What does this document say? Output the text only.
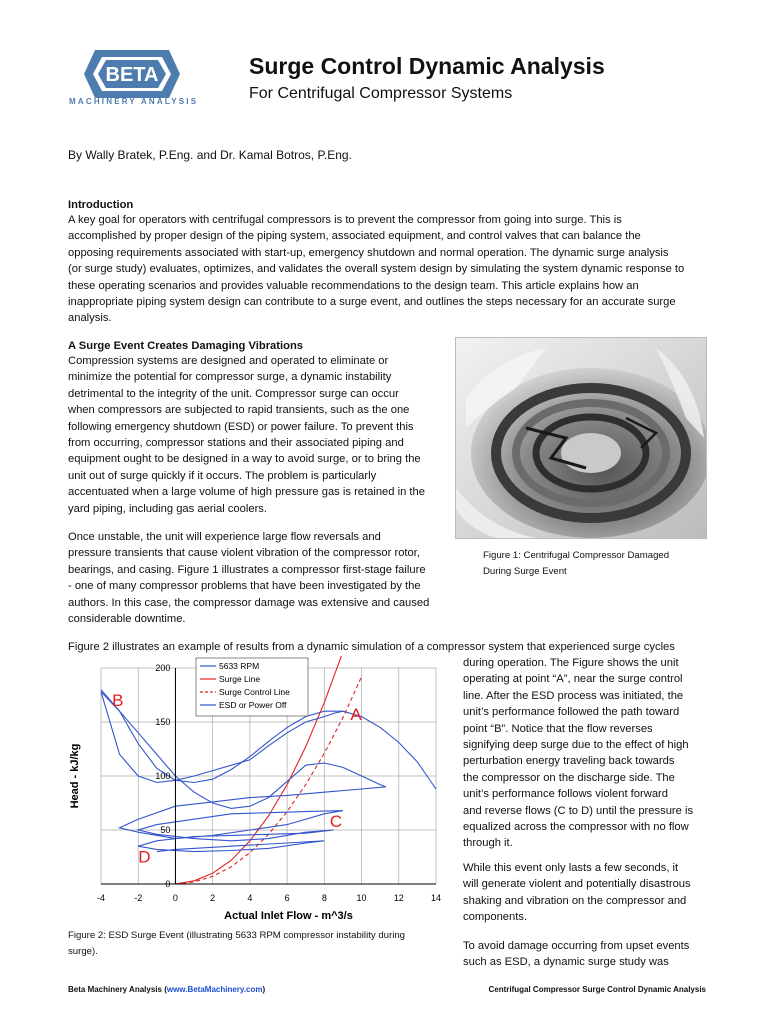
BETA
MACHINERY ANALYSIS
Surge Control Dynamic Analysis
For Centrifugal Compressor Systems
By Wally Bratek, P.Eng. and Dr. Kamal Botros, P.Eng.
Introduction
A key goal for operators with centrifugal compressors is to prevent the compressor from going into surge. This is
accomplished by proper design of the piping system, associated equipment, and control valves that can balance the
opposing requirements associated with start-up, emergency shutdown and normal operation. The dynamic surge analysis
(or surge study) evaluates, optimizes, and validates the overall system design by simulating the system dynamic response to
these operating scenarios and provides valuable recommendations to the design team. This article explains how an
inappropriate piping system design can contribute to a surge event, and outlines the steps necessary for an accurate surge
analysis.
A Surge Event Creates Damaging Vibrations
Compression systems are designed and operated to eliminate or
minimize the potential for compressor surge, a dynamic instability
detrimental to the integrity of the unit. Compressor surge can occur
when compressors are subjected to rapid transients, such as the one
following emergency shutdown (ESD) or power failure. To prevent this
from occurring, compressor stations and their associated piping and
equipment ought to be designed in a way to avoid surge, or to bring the
unit out of surge quickly if it occurs. The problem is particularly
accentuated when a large volume of high pressure gas is retained in the
yard piping, including gas aerial coolers.
Once unstable, the unit will experience large flow reversals and
pressure transients that cause violent vibration of the compressor rotor,
bearings, and casing. Figure 1 illustrates a compressor first-stage failure
- one of many compressor problems that have been investigated by the
authors. In this case, the compressor damage was extensive and caused
considerable downtime.
Figure 1: Centrifugal Compressor Damaged
During Surge Event
Figure 2 illustrates an example of results from a dynamic simulation of a compressor system that experienced surge cycles
-4	-2	0	2	4	6	8	10	12	14
0
50
100
150
200
A
B
C
D
5633 RPM
Surge Line
Surge Control Line
ESD or Power Off
Actual Inlet Flow - m^3/s
Head - kJ/kg
Figure 2: ESD Surge Event (illustrating 5633 RPM compressor instability during
surge).
during operation. The Figure shows the unit
operating at point “A”, near the surge control
line. After the ESD process was initiated, the
unit’s performance followed the path toward
point “B”. Notice that the flow reverses
signifying deep surge due to the effect of high
perturbation energy traveling back towards
the compressor on the discharge side. The
unit’s performance follows violent forward
and reverse flows (C to D) until the pressure is
equalized across the compressor with no flow
through it.
While this event only lasts a few seconds, it
will generate violent and potentially disastrous
shaking and vibration on the compressor and
components.
To avoid damage occurring from upset events
such as ESD, a dynamic surge study was
Beta Machinery Analysis (www.BetaMachinery.com)	Centrifugal Compressor Surge Control Dynamic Analysis
